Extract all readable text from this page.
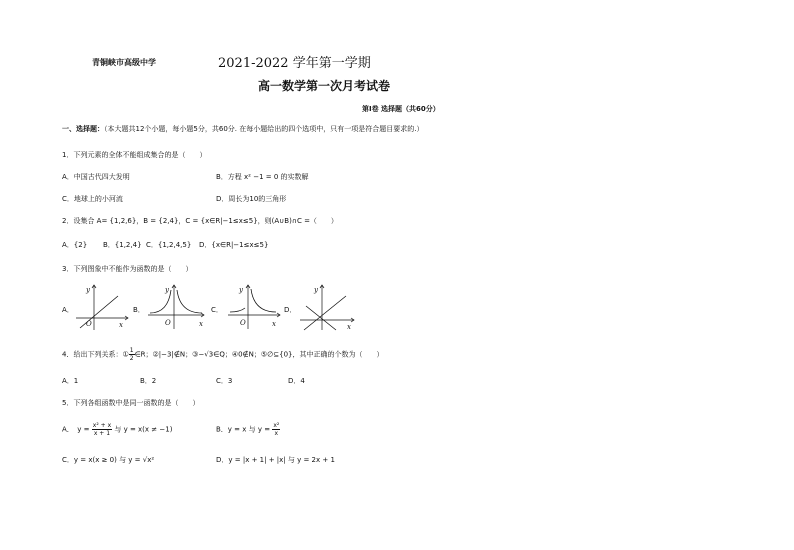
青铜峡市高级中学	2021-2022 学年第一学期
高一数学第一次月考试卷
第Ⅰ卷 选择题（共60分）
一、选择题：（本大题共12个小题，每小题5分，共60分. 在每小题给出的四个选项中，只有一项是符合题目要求的.）
1．下列元素的全体不能组成集合的是（　　）
A．中国古代四大发明	B．方程 x² −1 = 0 的实数解
C．地球上的小河流	D．周长为10的三角形
2．设集合 A= {1,2,6}，B = {2,4}，C = {x∈R|−1≤x≤5}，则(A∪B)∩C =（　　）
A．{2} B．{1,2,4} C．{1,2,4,5} D．{x∈R|−1≤x≤5}
3．下列图象中不能作为函数的是（　　）
A．	B．	C．	D．
y
x
O
y
x
O
y
x
O
y
x
4．给出下列关系：① $\frac{1}{2}$ ∈R；②|−3|∉N；③−√3∈Q；④0∉N；⑤∅⊆{0}，其中正确的个数为（　　）
A．1	B．2	C．3	D．4
5．下列各组函数中是同一函数的是（　　）
A．　$y = \frac{\text{x² + x}}{x + 1}$ 与 y = x(x ≠ −1)	B．y = x 与 $y = \frac{\text{x²}}{x}$
C．y = x(x ≥ 0) 与 y = √x²	D．y = |x + 1| + |x| 与 y = 2x + 1
